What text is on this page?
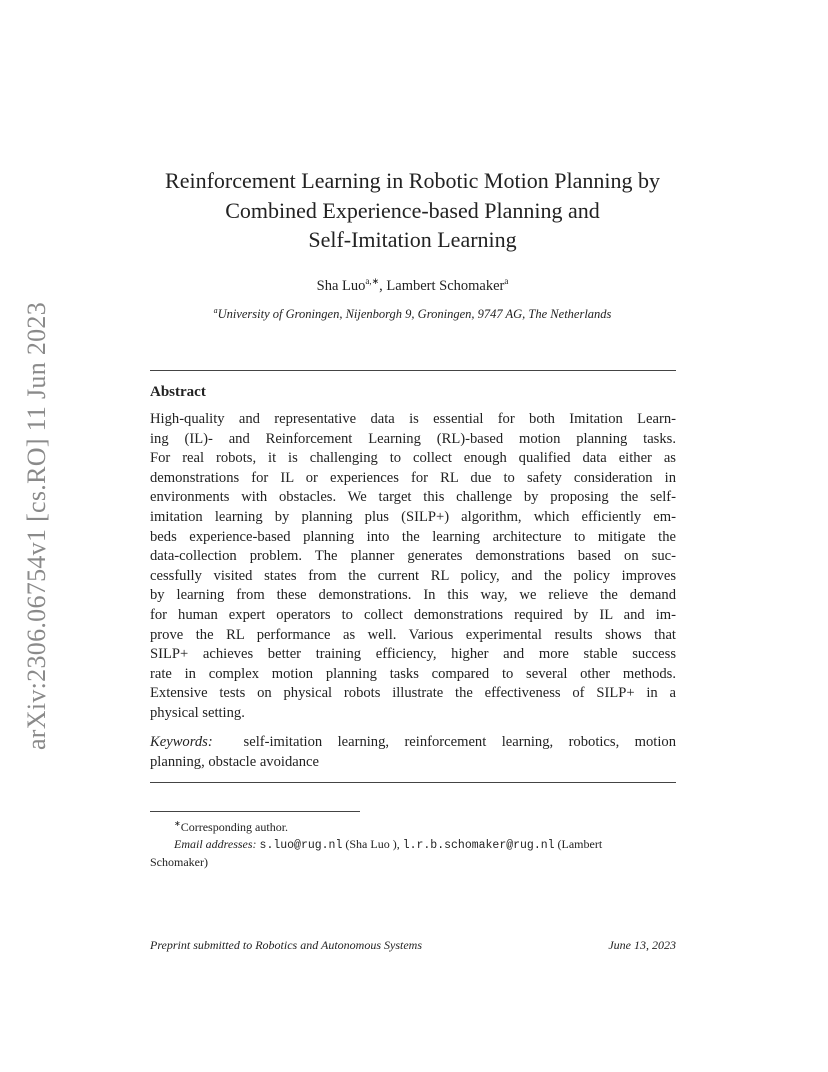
arXiv:2306.06754v1 [cs.RO] 11 Jun 2023
Reinforcement Learning in Robotic Motion Planning by
Combined Experience-based Planning and
Self-Imitation Learning
Sha Luo$^{a,∗}$, Lambert Schomaker$^a$
$^a$University of Groningen, Nijenborgh 9, Groningen, 9747 AG, The Netherlands
Abstract
High-quality and representative data is essential for both Imitation Learn-
ing (IL)- and Reinforcement Learning (RL)-based motion planning tasks.
For real robots, it is challenging to collect enough qualified data either as
demonstrations for IL or experiences for RL due to safety consideration in
environments with obstacles. We target this challenge by proposing the self-
imitation learning by planning plus (SILP+) algorithm, which efficiently em-
beds experience-based planning into the learning architecture to mitigate the
data-collection problem. The planner generates demonstrations based on suc-
cessfully visited states from the current RL policy, and the policy improves
by learning from these demonstrations. In this way, we relieve the demand
for human expert operators to collect demonstrations required by IL and im-
prove the RL performance as well. Various experimental results shows that
SILP+ achieves better training efficiency, higher and more stable success
rate in complex motion planning tasks compared to several other methods.
Extensive tests on physical robots illustrate the effectiveness of SILP+ in a
physical setting.
Keywords: self-imitation learning, reinforcement learning, robotics, motion
planning, obstacle avoidance
∗Corresponding author.
Email addresses: s.luo@rug.nl (Sha Luo ), l.r.b.schomaker@rug.nl (Lambert
Schomaker)
Preprint submitted to Robotics and Autonomous Systems	June 13, 2023
